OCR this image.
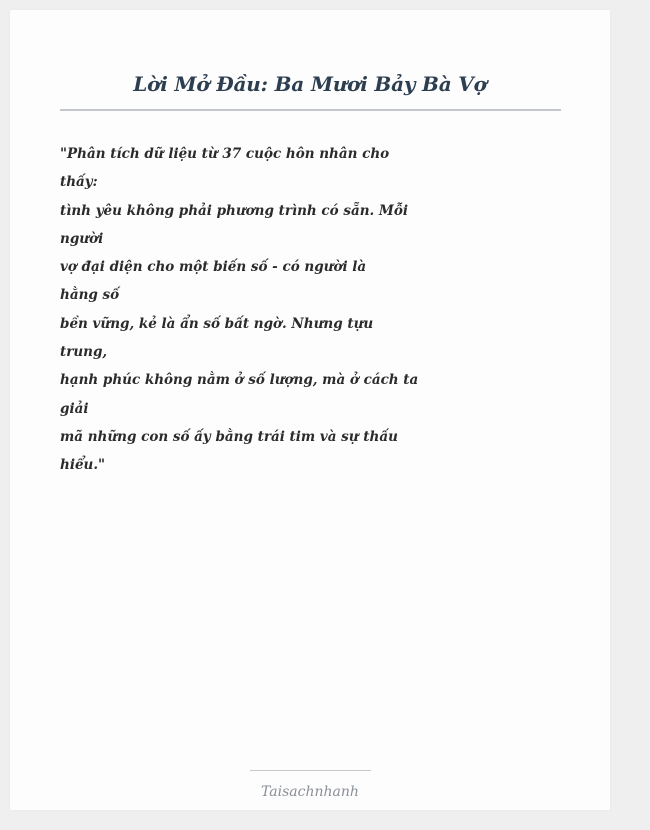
Lời Mở Đầu: Ba Mươi Bảy Bà Vợ

"Phân tích dữ liệu từ 37 cuộc hôn nhân cho
thấy:
tình yêu không phải phương trình có sẵn. Mỗi
người
vợ đại diện cho một biến số - có người là
hằng số
bền vững, kẻ là ẩn số bất ngờ. Nhưng tựu
trung,
hạnh phúc không nằm ở số lượng, mà ở cách ta
giải
mã những con số ấy bằng trái tim và sự thấu
hiểu."

Taisachnhanh
